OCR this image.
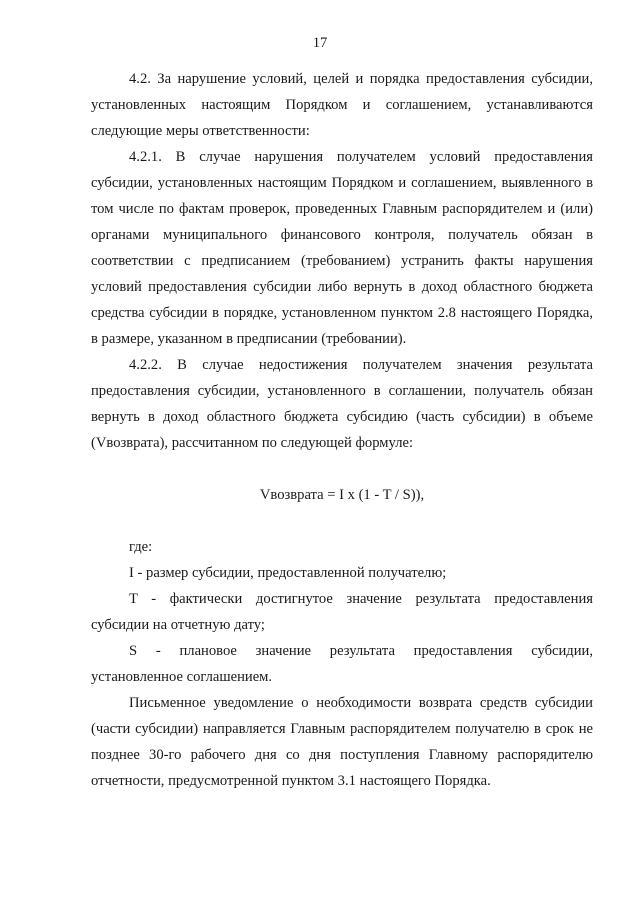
17

4.2. За нарушение условий, целей и порядка предоставления субсидии, установленных настоящим Порядком и соглашением, устанавливаются следующие меры ответственности:

4.2.1. В случае нарушения получателем условий предоставления субсидии, установленных настоящим Порядком и соглашением, выявленного в том числе по фактам проверок, проведенных Главным распорядителем и (или) органами муниципального финансового контроля, получатель обязан в соответствии с предписанием (требованием) устранить факты нарушения условий предоставления субсидии либо вернуть в доход областного бюджета средства субсидии в порядке, установленном пунктом 2.8 настоящего Порядка, в размере, указанном в предписании (требовании).

4.2.2. В случае недостижения получателем значения результата предоставления субсидии, установленного в соглашении, получатель обязан вернуть в доход областного бюджета субсидию (часть субсидии) в объеме (Vвозврата), рассчитанном по следующей формуле:

Vвозврата = I x (1 - T / S)),

где:

I - размер субсидии, предоставленной получателю;

T - фактически достигнутое значение результата предоставления субсидии на отчетную дату;

S - плановое значение результата предоставления субсидии, установленное соглашением.

Письменное уведомление о необходимости возврата средств субсидии (части субсидии) направляется Главным распорядителем получателю в срок не позднее 30-го рабочего дня со дня поступления Главному распорядителю отчетности, предусмотренной пунктом 3.1 настоящего Порядка.
